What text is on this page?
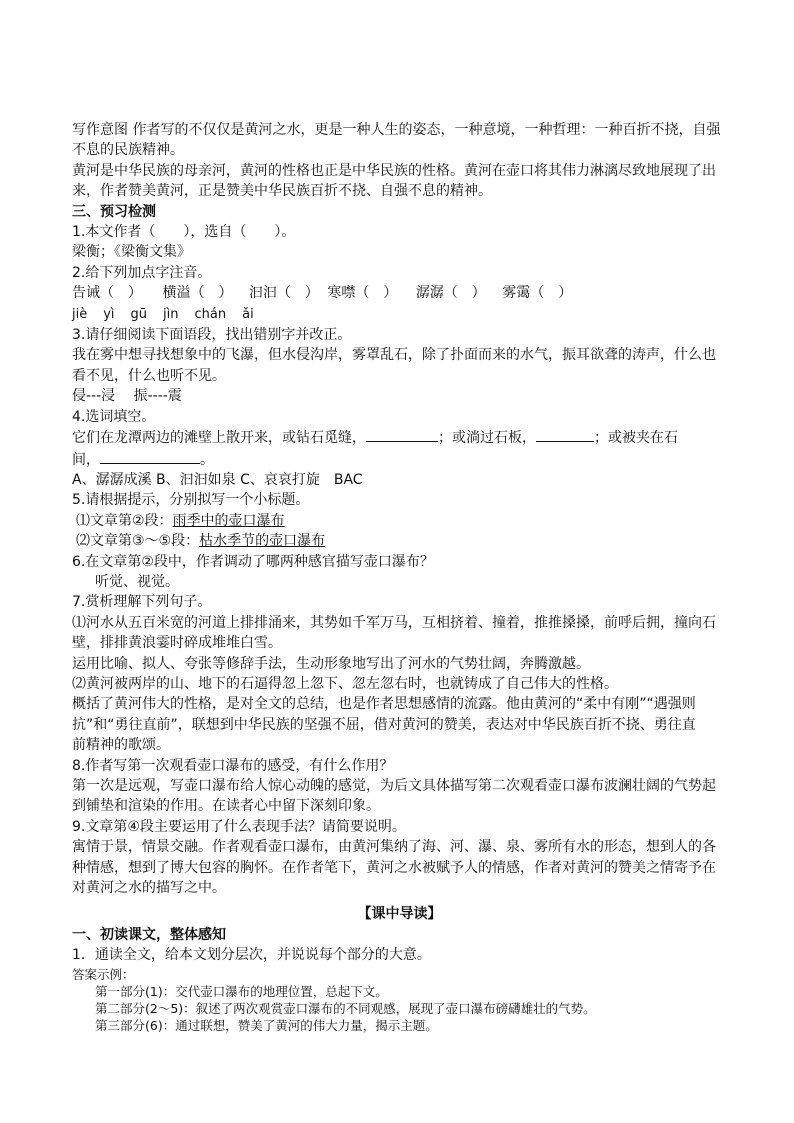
写作意图 作者写的不仅仅是黄河之水，更是一种人生的姿态，一种意境，一种哲理：一种百折不挠，自强
不息的民族精神。
黄河是中华民族的母亲河，黄河的性格也正是中华民族的性格。黄河在壶口将其伟力淋漓尽致地展现了出
来，作者赞美黄河，正是赞美中华民族百折不挠、自强不息的精神。
三、预习检测
1.本文作者（　　），选自（　　）。
梁衡；《梁衡文集》
2.给下列加点字注音。
告诫（　） 横溢（　） 汩汩（　） 寒噤（　） 潺潺（　） 雾霭（　）
jiè yì gū jìn chán ǎi
3.请仔细阅读下面语段，找出错别字并改正。
我在雾中想寻找想象中的飞瀑，但水侵沟岸，雾罩乱石，除了扑面而来的水气，振耳欲聋的涛声，什么也
看不见，什么也听不见。
侵---浸　 振----震
4.选词填空。
它们在龙潭两边的滩壁上散开来，或钻石觅缝，	；或淌过石板，	；或被夹在石
间，	。
A、潺潺成溪 B、汩汩如泉 C、哀哀打旋　BAC
5.请根据提示，分别拟写一个小标题。
⑴文章第②段：雨季中的壶口瀑布
⑵文章第③～⑤段：枯水季节的壶口瀑布
6.在文章第②段中，作者调动了哪两种感官描写壶口瀑布？
听觉、视觉。
7.赏析理解下列句子。
⑴河水从五百米宽的河道上排排涌来，其势如千军万马，互相挤着、撞着，推推搡搡，前呼后拥，撞向石
壁，排排黄浪霎时碎成堆堆白雪。
运用比喻、拟人、夸张等修辞手法，生动形象地写出了河水的气势壮阔，奔腾激越。
⑵黄河被两岸的山、地下的石逼得忽上忽下、忽左忽右时，也就铸成了自己伟大的性格。
概括了黄河伟大的性格，是对全文的总结，也是作者思想感情的流露。他由黄河的“柔中有刚”“遇强则
抗”和“勇往直前”，联想到中华民族的坚强不屈，借对黄河的赞美，表达对中华民族百折不挠、勇往直
前精神的歌颂。
8.作者写第一次观看壶口瀑布的感受，有什么作用？
第一次是远观，写壶口瀑布给人惊心动魄的感觉，为后文具体描写第二次观看壶口瀑布波澜壮阔的气势起
到铺垫和渲染的作用。在读者心中留下深刻印象。
9.文章第④段主要运用了什么表现手法？请简要说明。
寓情于景，情景交融。作者观看壶口瀑布，由黄河集纳了海、河、瀑、泉、雾所有水的形态，想到人的各
种情感，想到了博大包容的胸怀。在作者笔下，黄河之水被赋予人的情感，作者对黄河的赞美之情寄予在
对黄河之水的描写之中。
【课中导读】
一、初读课文，整体感知
1．通读全文，给本文划分层次，并说说每个部分的大意。
答案示例：
第一部分(1)：交代壶口瀑布的地理位置，总起下文。
第二部分(2～5)：叙述了两次观赏壶口瀑布的不同观感，展现了壶口瀑布磅礴雄壮的气势。
第三部分(6)：通过联想，赞美了黄河的伟大力量，揭示主题。
